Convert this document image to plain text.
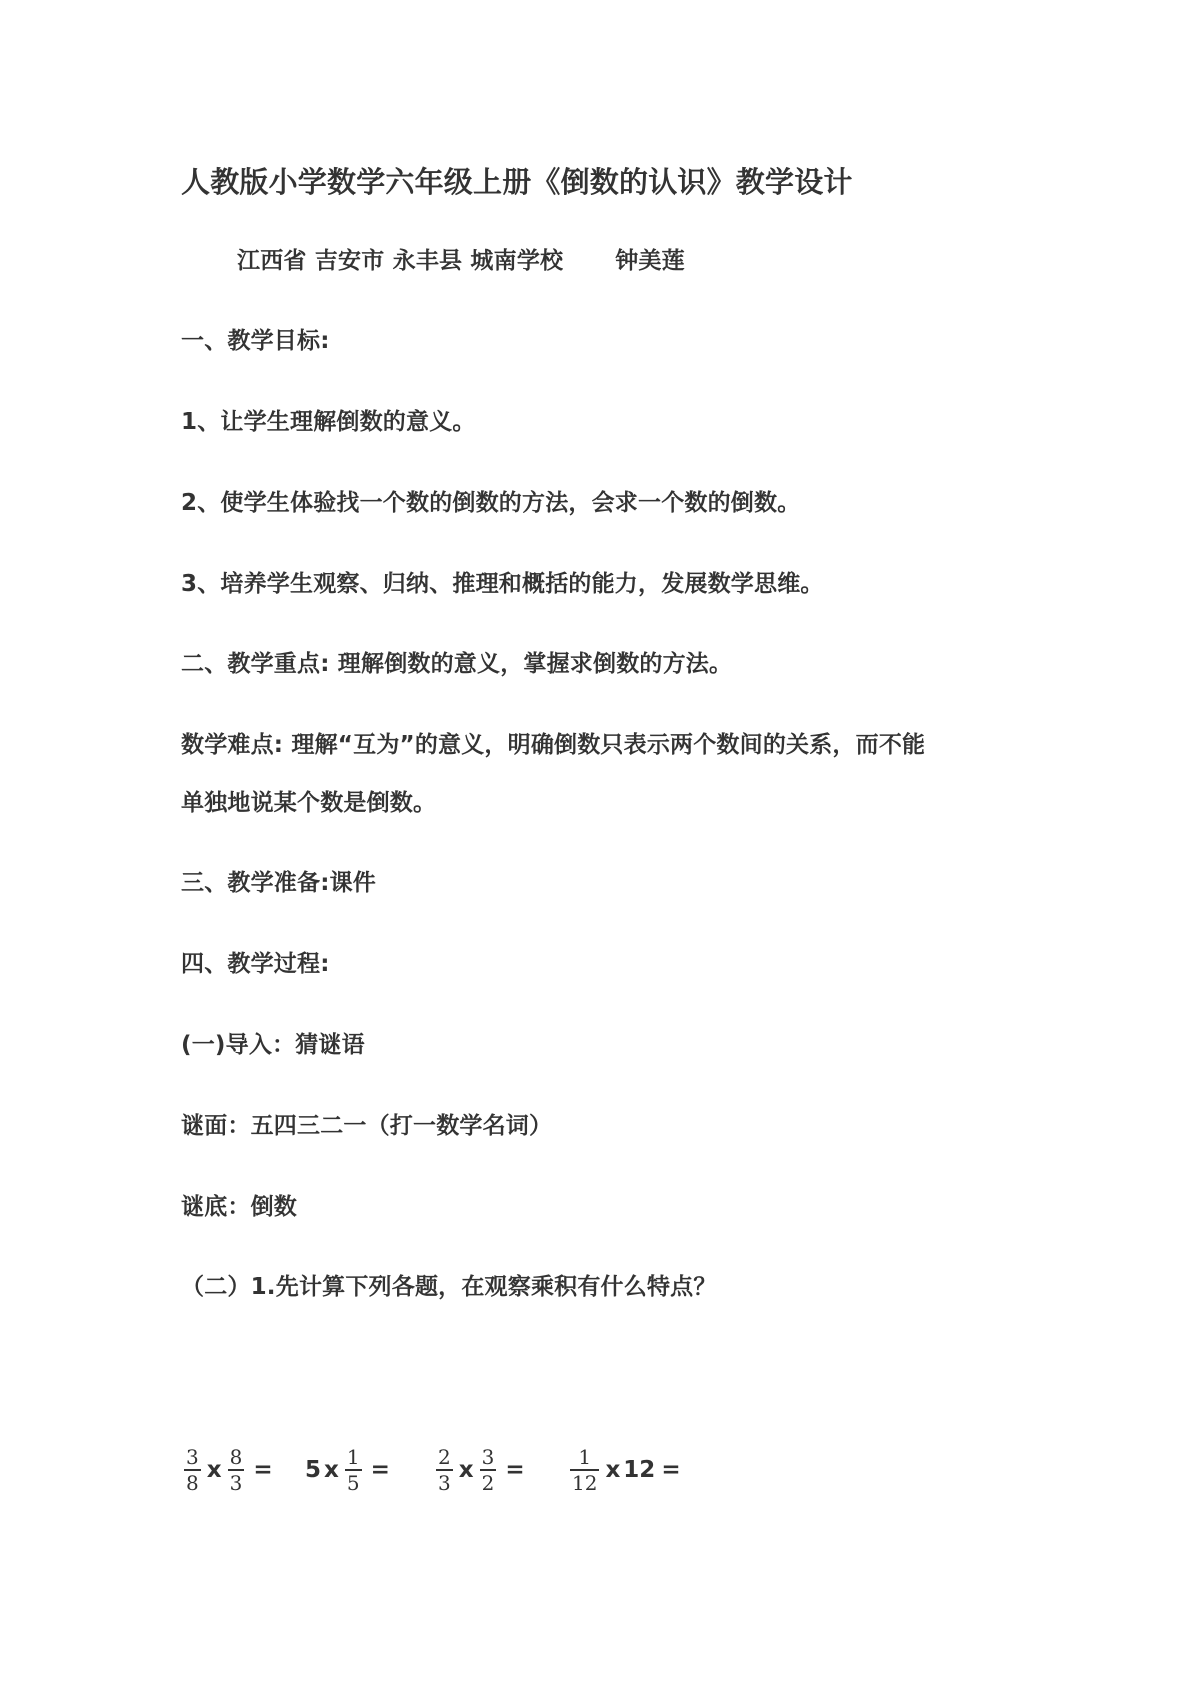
人教版小学数学六年级上册《倒数的认识》教学设计
江西省 吉安市 永丰县 城南学校 钟美莲
一、教学目标:
1、让学生理解倒数的意义。
2、使学生体验找一个数的倒数的方法，会求一个数的倒数。
3、培养学生观察、归纳、推理和概括的能力，发展数学思维。
二、教学重点: 理解倒数的意义，掌握求倒数的方法。
数学难点: 理解“互为”的意义，明确倒数只表示两个数间的关系，而不能
单独地说某个数是倒数。
三、教学准备:课件
四、教学过程:
(一)导入：猜谜语
谜面：五四三二一（打一数学名词）
谜底：倒数
（二）1.先计算下列各题，在观察乘积有什么特点？
$\frac{3}{8}$ x $\frac{8}{3} = 5$ x $\frac{1}{5} = \frac{2}{3}$ x $\frac{3}{2} = \frac{1}{12}$ x 12 =
